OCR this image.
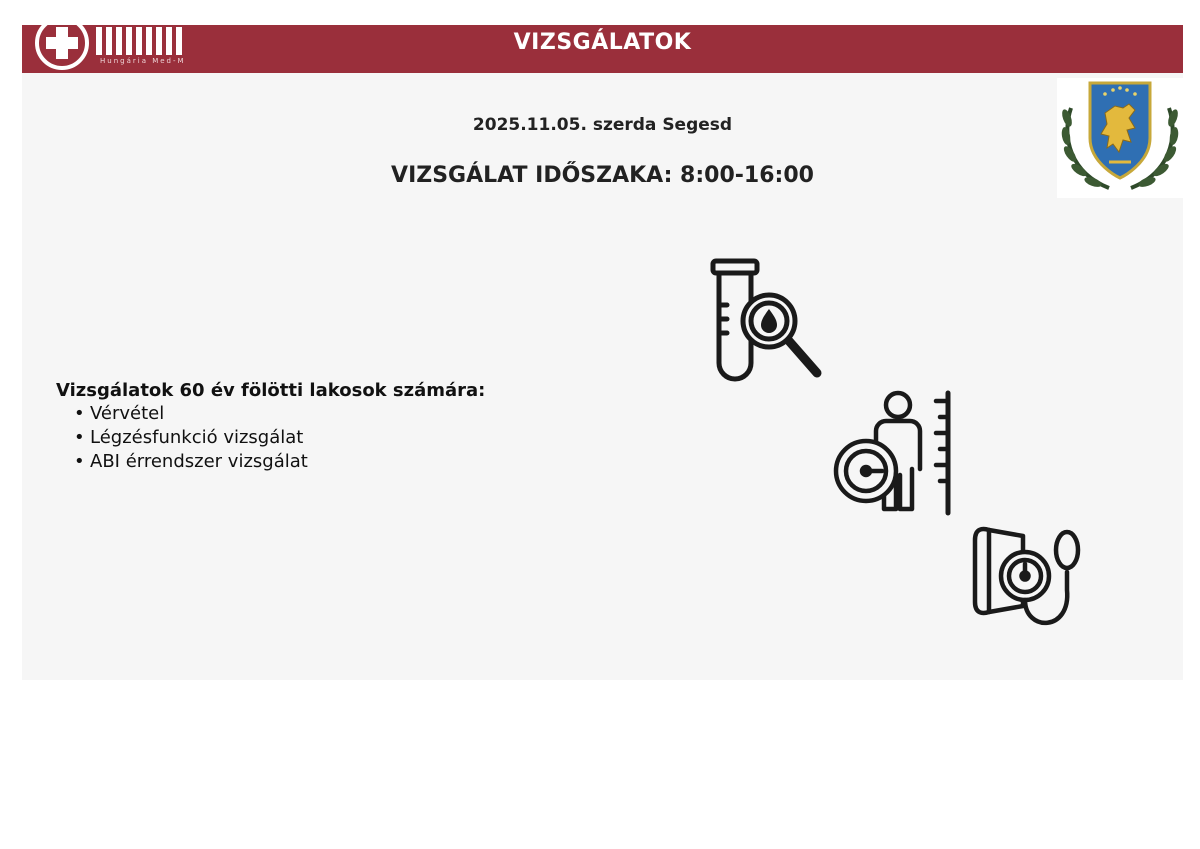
Hungária Med-M
VIZSGÁLATOK
2025.11.05. szerda Segesd
VIZSGÁLAT IDŐSZAKA: 8:00-16:00
Vizsgálatok 60 év fölötti lakosok számára:
• Vérvétel
• Légzésfunkció vizsgálat
• ABI érrendszer vizsgálat
